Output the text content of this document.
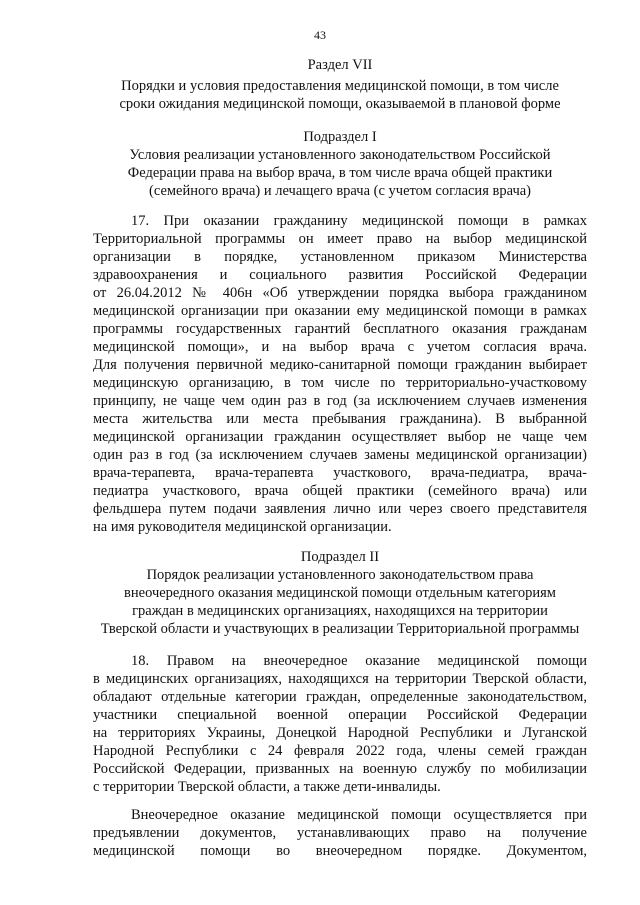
43
Раздел VII
Порядки и условия предоставления медицинской помощи, в том числе
сроки ожидания медицинской помощи, оказываемой в плановой форме
Подраздел I
Условия реализации установленного законодательством Российской
Федерации права на выбор врача, в том числе врача общей практики
(семейного врача) и лечащего врача (с учетом согласия врача)
17. При оказании гражданину медицинской помощи в рамках
Территориальной программы он имеет право на выбор медицинской
организации в порядке, установленном приказом Министерства
здравоохранения и социального развития Российской Федерации
от 26.04.2012 № 406н «Об утверждении порядка выбора гражданином
медицинской организации при оказании ему медицинской помощи в рамках
программы государственных гарантий бесплатного оказания гражданам
медицинской помощи», и на выбор врача с учетом согласия врача.
Для получения первичной медико-санитарной помощи гражданин выбирает
медицинскую организацию, в том числе по территориально-участковому
принципу, не чаще чем один раз в год (за исключением случаев изменения
места жительства или места пребывания гражданина). В выбранной
медицинской организации гражданин осуществляет выбор не чаще чем
один раз в год (за исключением случаев замены медицинской организации)
врача-терапевта, врача-терапевта участкового, врача-педиатра, врача-
педиатра участкового, врача общей практики (семейного врача) или
фельдшера путем подачи заявления лично или через своего представителя
на имя руководителя медицинской организации.
Подраздел II
Порядок реализации установленного законодательством права
внеочередного оказания медицинской помощи отдельным категориям
граждан в медицинских организациях, находящихся на территории
Тверской области и участвующих в реализации Территориальной программы
18. Правом на внеочередное оказание медицинской помощи
в медицинских организациях, находящихся на территории Тверской области,
обладают отдельные категории граждан, определенные законодательством,
участники специальной военной операции Российской Федерации
на территориях Украины, Донецкой Народной Республики и Луганской
Народной Республики с 24 февраля 2022 года, члены семей граждан
Российской Федерации, призванных на военную службу по мобилизации
с территории Тверской области, а также дети-инвалиды.
Внеочередное оказание медицинской помощи осуществляется при
предъявлении документов, устанавливающих право на получение
медицинской помощи во внеочередном порядке. Документом,
